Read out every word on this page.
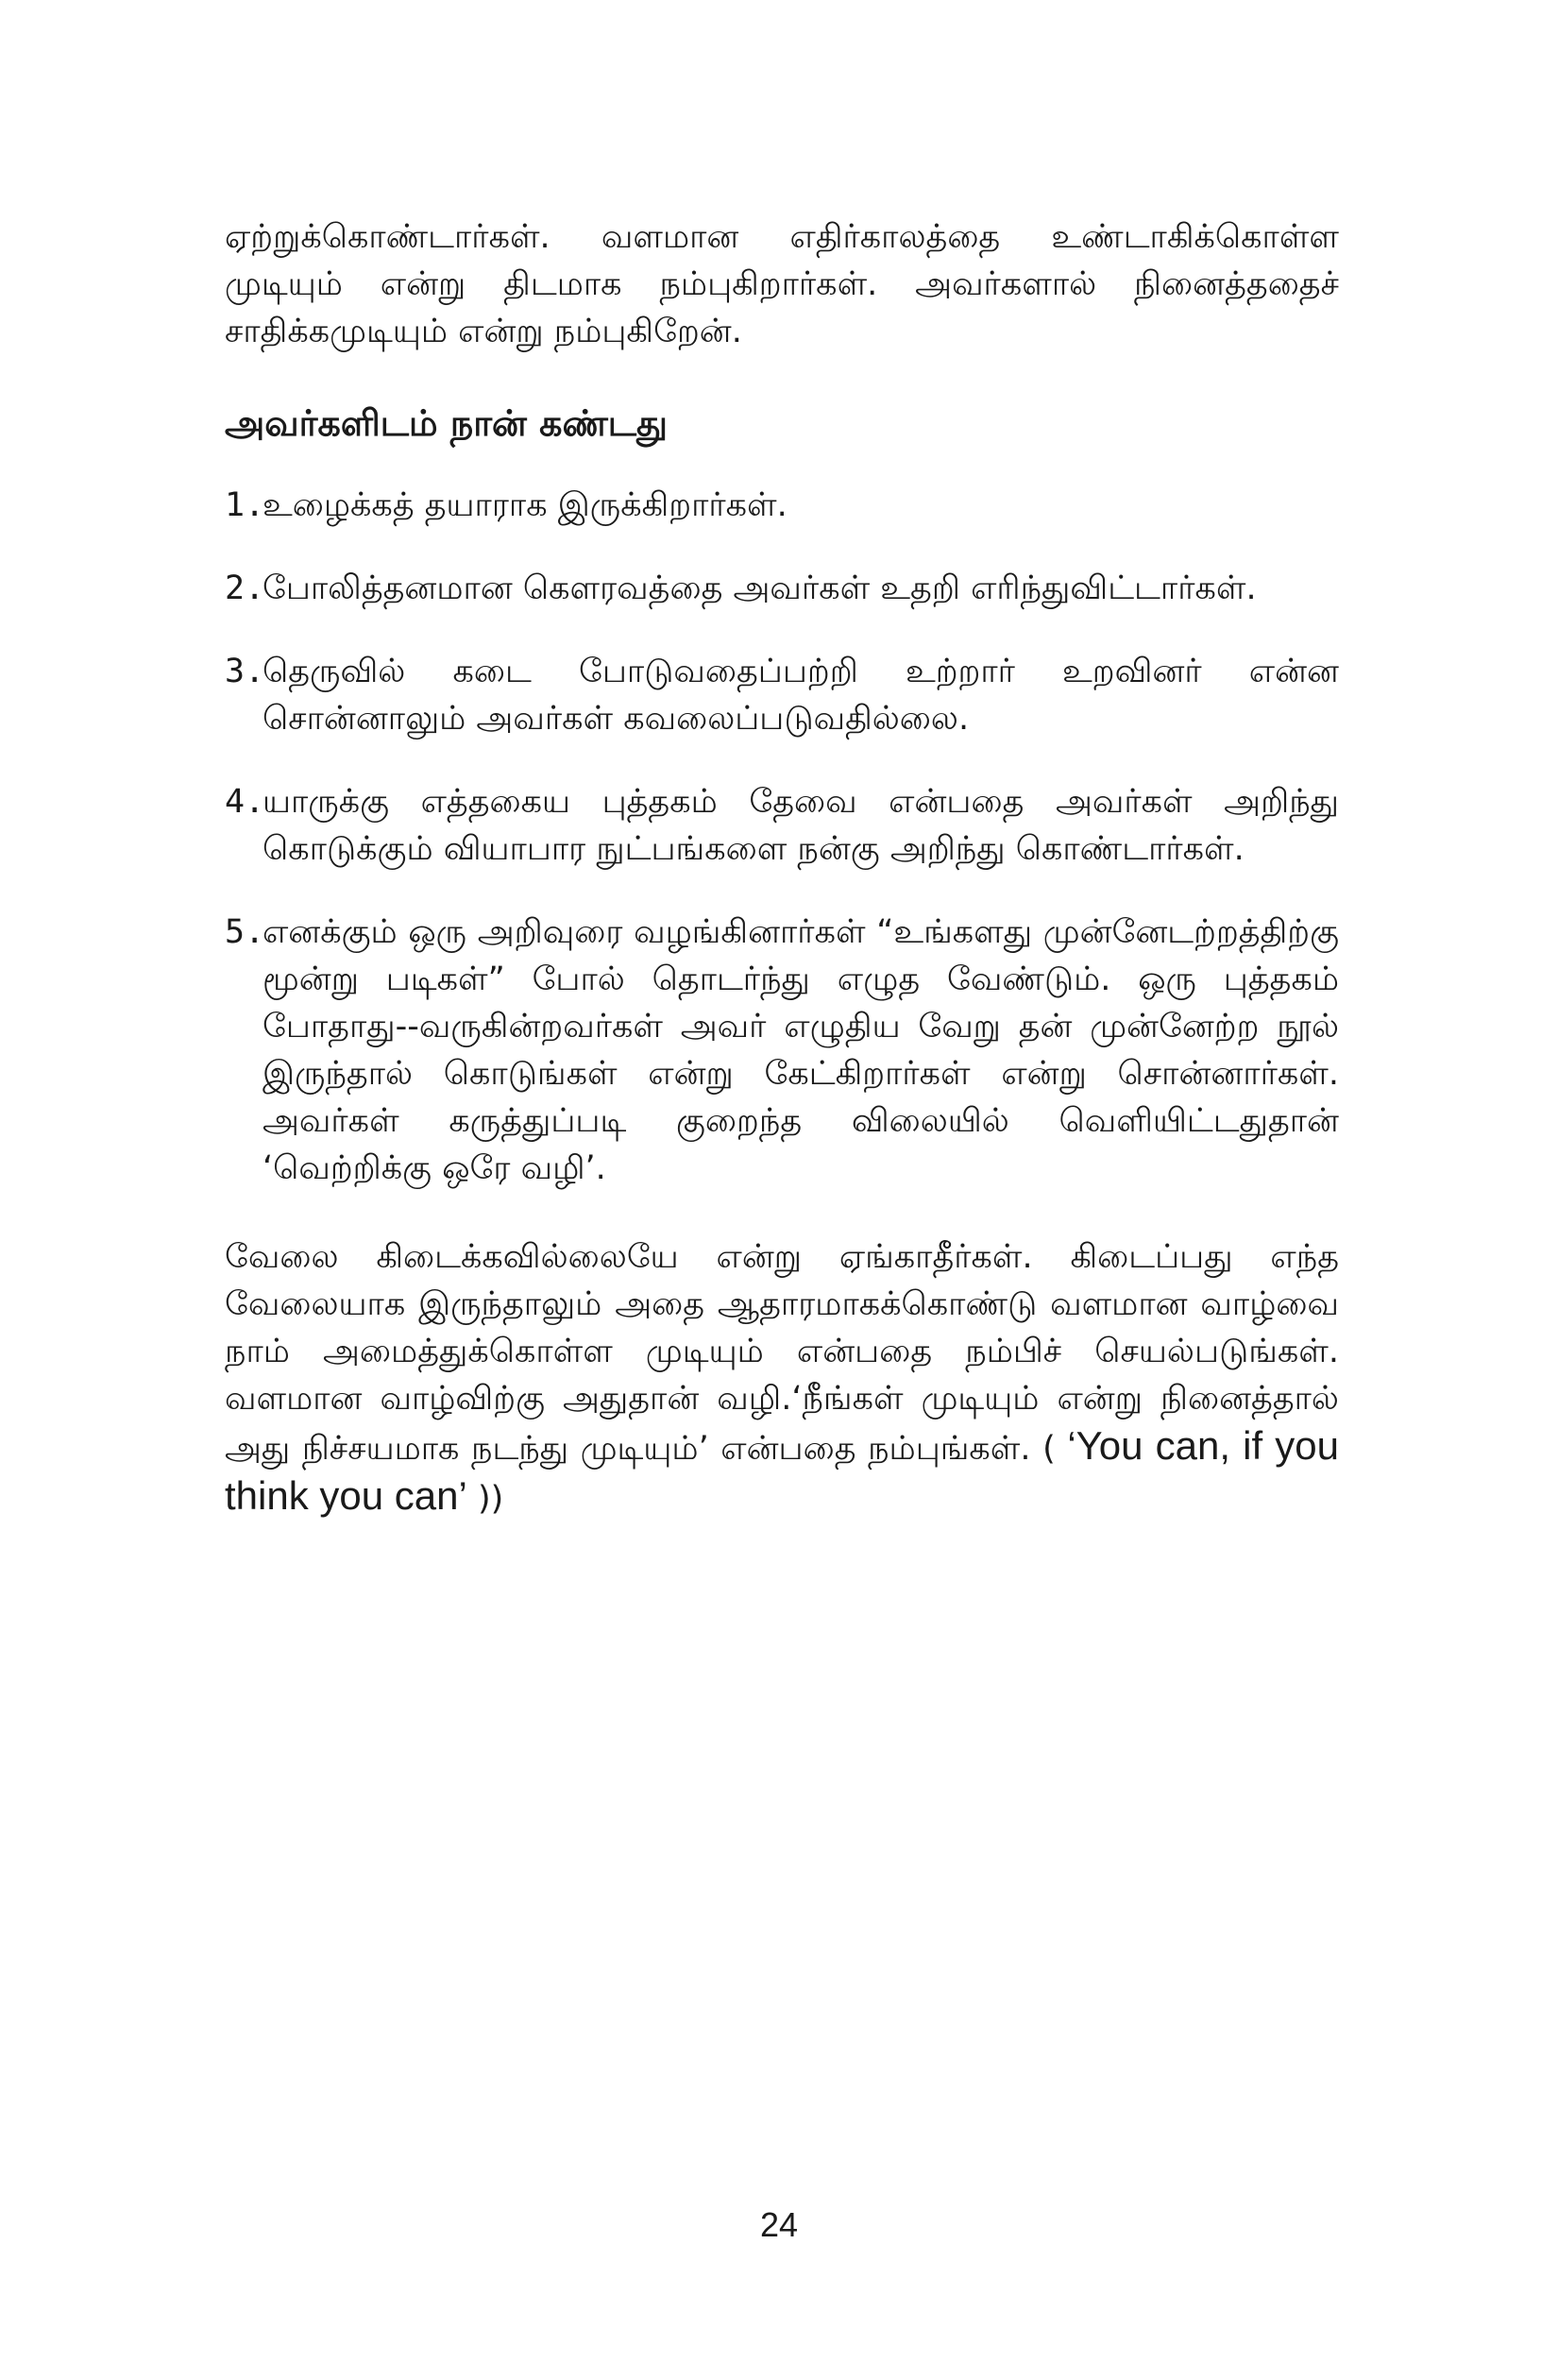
ஏற்றுக்கொண்டார்கள். வளமான எதிர்காலத்தை உண்டாகிக்கொள்ள முடியும் என்று திடமாக நம்புகிறார்கள். அவர்களால் நினைத்ததைச் சாதிக்கமுடியும் என்று நம்புகிறேன்.

அவர்களிடம் நான் கண்டது
1.
உழைக்கத் தயாராக இருக்கிறார்கள்.
2.
போலித்தனமான கௌரவத்தை அவர்கள் உதறி எரிந்துவிட்டார்கள்.
3.
தெருவில் கடை போடுவதைப்பற்றி உற்றார் உறவினர் என்ன சொன்னாலும் அவர்கள் கவலைப்படுவதில்லை.
4.
யாருக்கு எத்தகைய புத்தகம் தேவை என்பதை அவர்கள் அறிந்து கொடுக்கும் வியாபார நுட்பங்களை நன்கு அறிந்து கொண்டார்கள்.
5.
எனக்கும் ஒரு அறிவுரை வழங்கினார்கள் “உங்களது முன்னேடற்றத்திற்கு மூன்று படிகள்” போல் தொடர்ந்து எழுத வேண்டும். ஒரு புத்தகம் போதாது--வருகின்றவர்கள் அவர் எழுதிய வேறு தன் முன்னேற்ற நூல் இருந்தால் கொடுங்கள் என்று கேட்கிறார்கள் என்று சொன்னார்கள். அவர்கள் கருத்துப்படி குறைந்த விலையில் வெளியிட்டதுதான் ‘வெற்றிக்கு ஒரே வழி’.

வேலை கிடைக்கவில்லையே என்று ஏங்காதீர்கள். கிடைப்பது எந்த வேலையாக இருந்தாலும் அதை ஆதாரமாகக்கொண்டு வளமான வாழ்வை நாம் அமைத்துக்கொள்ள முடியும் என்பதை நம்பிச் செயல்படுங்கள். வளமான வாழ்விற்கு அதுதான் வழி.‘நீங்கள் முடியும் என்று நினைத்தால் அது நிச்சயமாக நடந்து முடியும்’ என்பதை நம்புங்கள். ( ‘You can, if you think you can’ ))

24
